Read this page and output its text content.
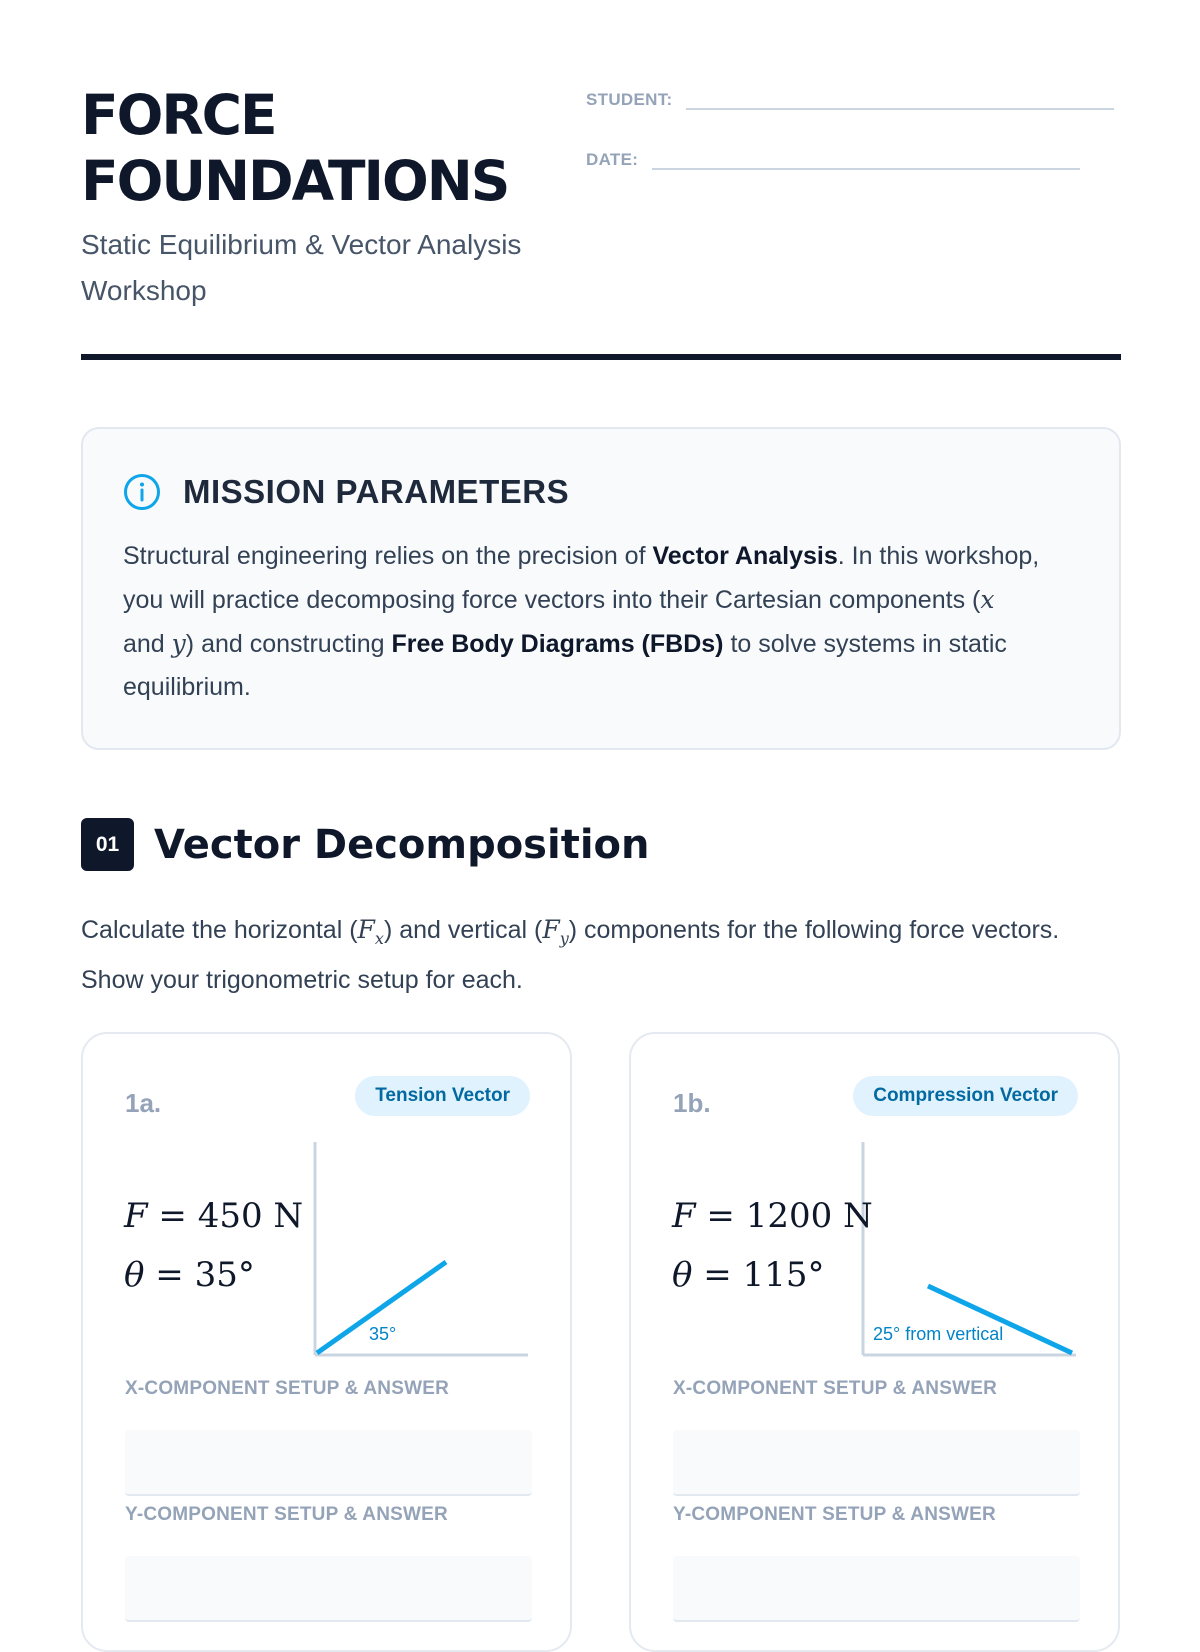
FORCE
FOUNDATIONS
Static Equilibrium & Vector Analysis Workshop
STUDENT:
DATE:
MISSION PARAMETERS
Structural engineering relies on the precision of Vector Analysis. In this workshop, you will practice decomposing force vectors into their Cartesian components (x and y) and constructing Free Body Diagrams (FBDs) to solve systems in static equilibrium.
01 Vector Decomposition
Calculate the horizontal $(F_x)$ and vertical $(F_y)$ components for the following force vectors. Show your trigonometric setup for each.
1a.	Tension Vector
35°
X-COMPONENT SETUP & ANSWER
Y-COMPONENT SETUP & ANSWER
1b.	Compression Vector
25° from vertical
X-COMPONENT SETUP & ANSWER
Y-COMPONENT SETUP & ANSWER
F = 450 N
θ = 35°
F = 1200 N
θ = 115°
